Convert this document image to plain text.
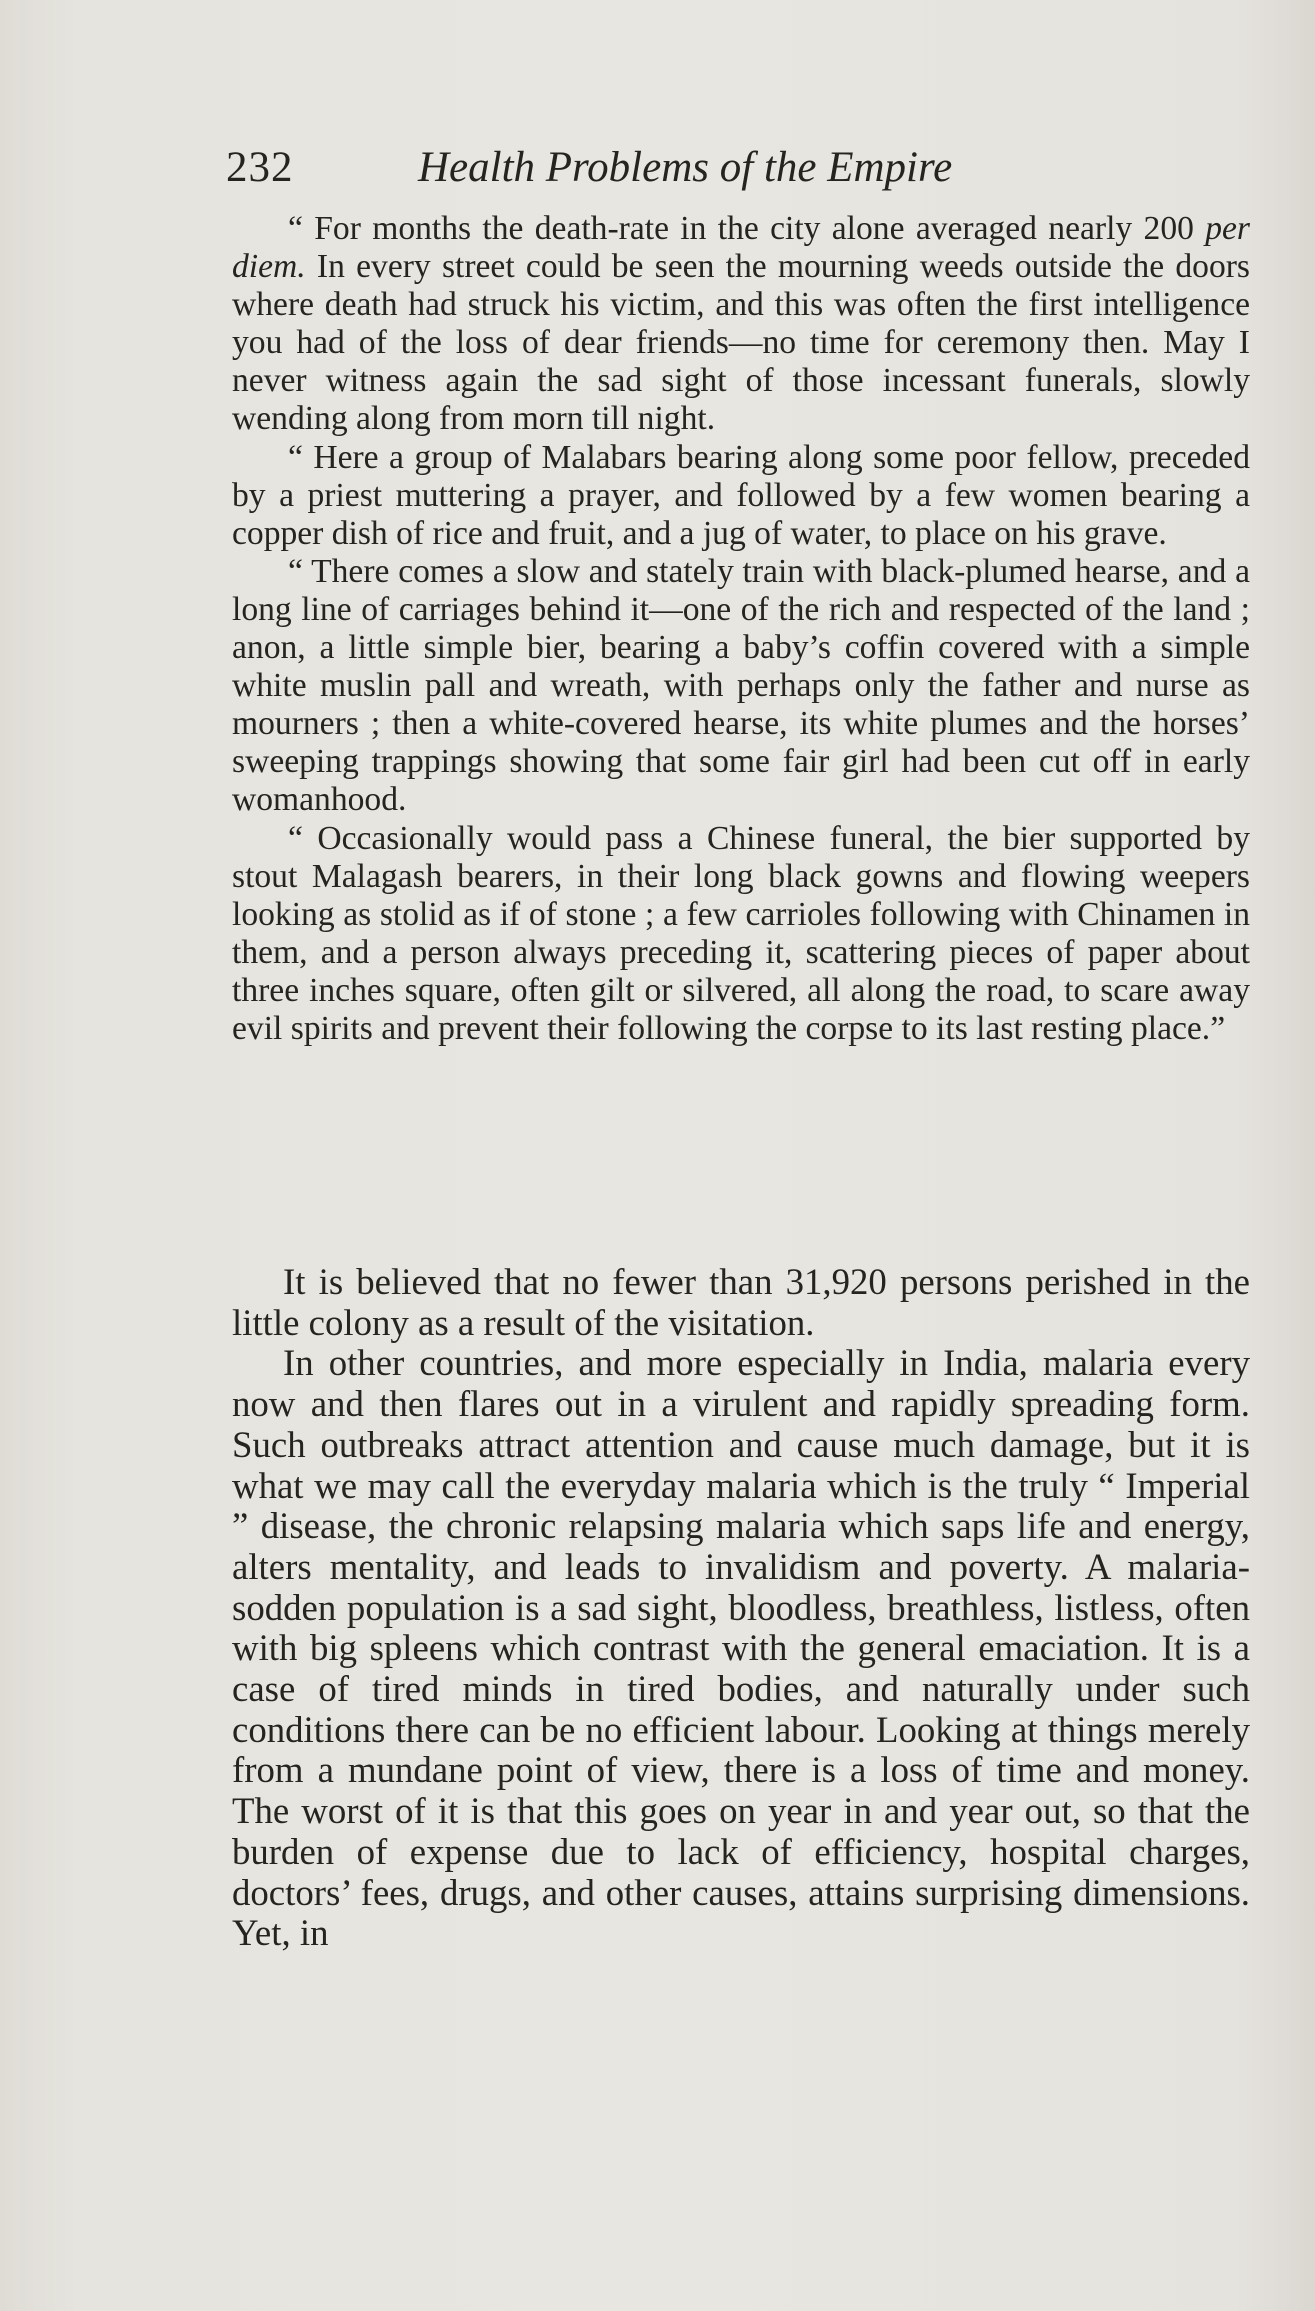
232	Health Problems of the Empire

“ For months the death-rate in the city alone averaged nearly 200 per diem. In every street could be seen the mourning weeds outside the doors where death had struck his victim, and this was often the first intelligence you had of the loss of dear friends—no time for ceremony then. May I never witness again the sad sight of those incessant funerals, slowly wending along from morn till night.

“ Here a group of Malabars bearing along some poor fellow, preceded by a priest muttering a prayer, and followed by a few women bearing a copper dish of rice and fruit, and a jug of water, to place on his grave.

“ There comes a slow and stately train with black-plumed hearse, and a long line of carriages behind it—one of the rich and respected of the land ; anon, a little simple bier, bearing a baby’s coffin covered with a simple white muslin pall and wreath, with perhaps only the father and nurse as mourners ; then a white-covered hearse, its white plumes and the horses’ sweeping trappings showing that some fair girl had been cut off in early womanhood.

“ Occasionally would pass a Chinese funeral, the bier supported by stout Malagash bearers, in their long black gowns and flowing weepers looking as stolid as if of stone ; a few carrioles following with Chinamen in them, and a person always preceding it, scattering pieces of paper about three inches square, often gilt or silvered, all along the road, to scare away evil spirits and prevent their following the corpse to its last resting place.”

It is believed that no fewer than 31,920 persons perished in the little colony as a result of the visitation.

In other countries, and more especially in India, malaria every now and then flares out in a virulent and rapidly spreading form. Such outbreaks attract attention and cause much damage, but it is what we may call the everyday malaria which is the truly “ Imperial ” disease, the chronic relapsing malaria which saps life and energy, alters mentality, and leads to invalidism and poverty. A malaria-sodden population is a sad sight, bloodless, breathless, listless, often with big spleens which contrast with the general emaciation. It is a case of tired minds in tired bodies, and naturally under such conditions there can be no efficient labour. Looking at things merely from a mundane point of view, there is a loss of time and money. The worst of it is that this goes on year in and year out, so that the burden of expense due to lack of efficiency, hospital charges, doctors’ fees, drugs, and other causes, attains surprising dimensions. Yet, in
